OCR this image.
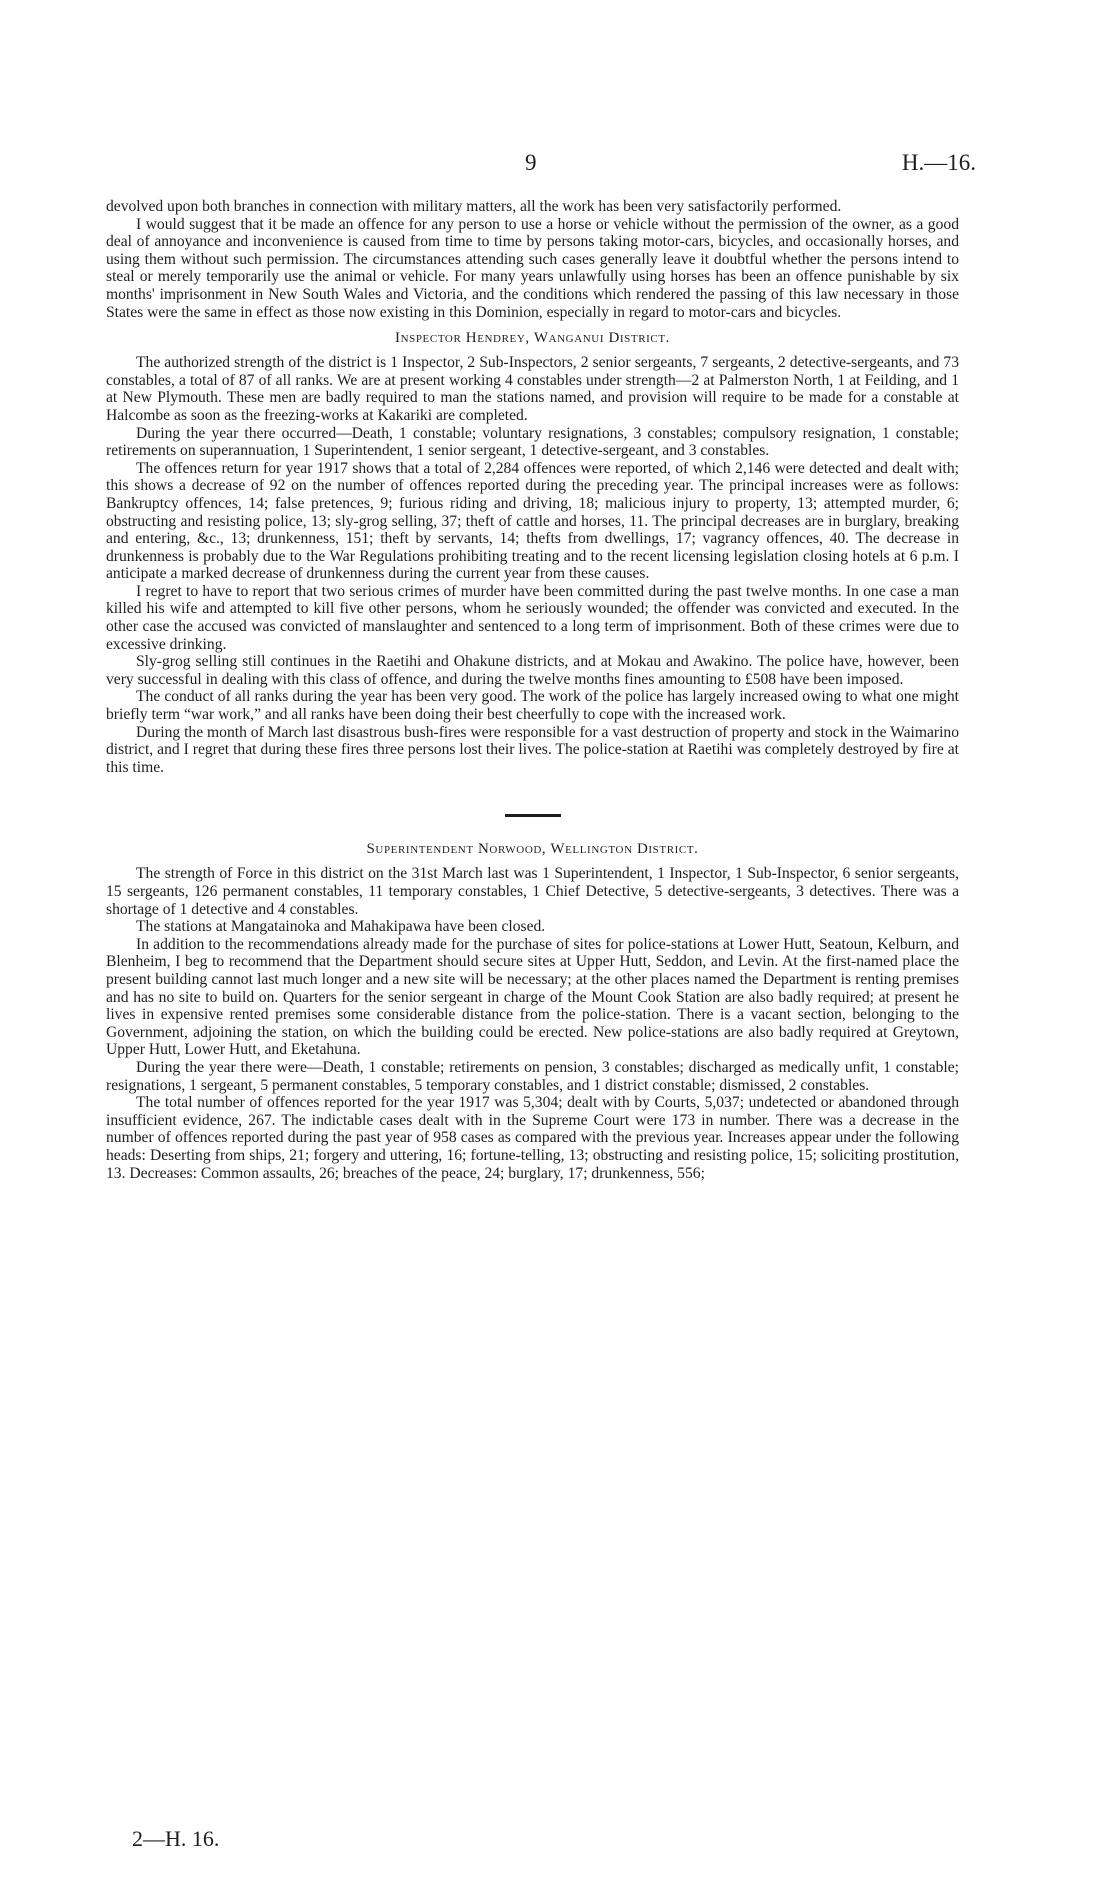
9	H.—16.

devolved upon both branches in connection with military matters, all the work has been very satisfactorily performed.

I would suggest that it be made an offence for any person to use a horse or vehicle without the permission of the owner, as a good deal of annoyance and inconvenience is caused from time to time by persons taking motor-cars, bicycles, and occasionally horses, and using them without such permission. The circumstances attending such cases generally leave it doubtful whether the persons intend to steal or merely temporarily use the animal or vehicle. For many years unlawfully using horses has been an offence punishable by six months' imprisonment in New South Wales and Victoria, and the conditions which rendered the passing of this law necessary in those States were the same in effect as those now existing in this Dominion, especially in regard to motor-cars and bicycles.

Inspector Hendrey, Wanganui District.

The authorized strength of the district is 1 Inspector, 2 Sub-Inspectors, 2 senior sergeants, 7 sergeants, 2 detective-sergeants, and 73 constables, a total of 87 of all ranks. We are at present working 4 constables under strength—2 at Palmerston North, 1 at Feilding, and 1 at New Plymouth. These men are badly required to man the stations named, and provision will require to be made for a constable at Halcombe as soon as the freezing-works at Kakariki are completed.

During the year there occurred—Death, 1 constable; voluntary resignations, 3 constables; compulsory resignation, 1 constable; retirements on superannuation, 1 Superintendent, 1 senior sergeant, 1 detective-sergeant, and 3 constables.

The offences return for year 1917 shows that a total of 2,284 offences were reported, of which 2,146 were detected and dealt with; this shows a decrease of 92 on the number of offences reported during the preceding year. The principal increases were as follows: Bankruptcy offences, 14; false pretences, 9; furious riding and driving, 18; malicious injury to property, 13; attempted murder, 6; obstructing and resisting police, 13; sly-grog selling, 37; theft of cattle and horses, 11. The principal decreases are in burglary, breaking and entering, &c., 13; drunkenness, 151; theft by servants, 14; thefts from dwellings, 17; vagrancy offences, 40. The decrease in drunkenness is probably due to the War Regulations prohibiting treating and to the recent licensing legislation closing hotels at 6 p.m. I anticipate a marked decrease of drunkenness during the current year from these causes.

I regret to have to report that two serious crimes of murder have been committed during the past twelve months. In one case a man killed his wife and attempted to kill five other persons, whom he seriously wounded; the offender was convicted and executed. In the other case the accused was convicted of manslaughter and sentenced to a long term of imprisonment. Both of these crimes were due to excessive drinking.

Sly-grog selling still continues in the Raetihi and Ohakune districts, and at Mokau and Awakino. The police have, however, been very successful in dealing with this class of offence, and during the twelve months fines amounting to £508 have been imposed.

The conduct of all ranks during the year has been very good. The work of the police has largely increased owing to what one might briefly term “war work,” and all ranks have been doing their best cheerfully to cope with the increased work.

During the month of March last disastrous bush-fires were responsible for a vast destruction of property and stock in the Waimarino district, and I regret that during these fires three persons lost their lives. The police-station at Raetihi was completely destroyed by fire at this time.

Superintendent Norwood, Wellington District.

The strength of Force in this district on the 31st March last was 1 Superintendent, 1 Inspector, 1 Sub-Inspector, 6 senior sergeants, 15 sergeants, 126 permanent constables, 11 temporary constables, 1 Chief Detective, 5 detective-sergeants, 3 detectives. There was a shortage of 1 detective and 4 constables.

The stations at Mangatainoka and Mahakipawa have been closed.

In addition to the recommendations already made for the purchase of sites for police-stations at Lower Hutt, Seatoun, Kelburn, and Blenheim, I beg to recommend that the Department should secure sites at Upper Hutt, Seddon, and Levin. At the first-named place the present building cannot last much longer and a new site will be necessary; at the other places named the Department is renting premises and has no site to build on. Quarters for the senior sergeant in charge of the Mount Cook Station are also badly required; at present he lives in expensive rented premises some considerable distance from the police-station. There is a vacant section, belonging to the Government, adjoining the station, on which the building could be erected. New police-stations are also badly required at Greytown, Upper Hutt, Lower Hutt, and Eketahuna.

During the year there were—Death, 1 constable; retirements on pension, 3 constables; discharged as medically unfit, 1 constable; resignations, 1 sergeant, 5 permanent constables, 5 temporary constables, and 1 district constable; dismissed, 2 constables.

The total number of offences reported for the year 1917 was 5,304; dealt with by Courts, 5,037; undetected or abandoned through insufficient evidence, 267. The indictable cases dealt with in the Supreme Court were 173 in number. There was a decrease in the number of offences reported during the past year of 958 cases as compared with the previous year. Increases appear under the following heads: Deserting from ships, 21; forgery and uttering, 16; fortune-telling, 13; obstructing and resisting police, 15; soliciting prostitution, 13. Decreases: Common assaults, 26; breaches of the peace, 24; burglary, 17; drunkenness, 556;

2—H. 16.
